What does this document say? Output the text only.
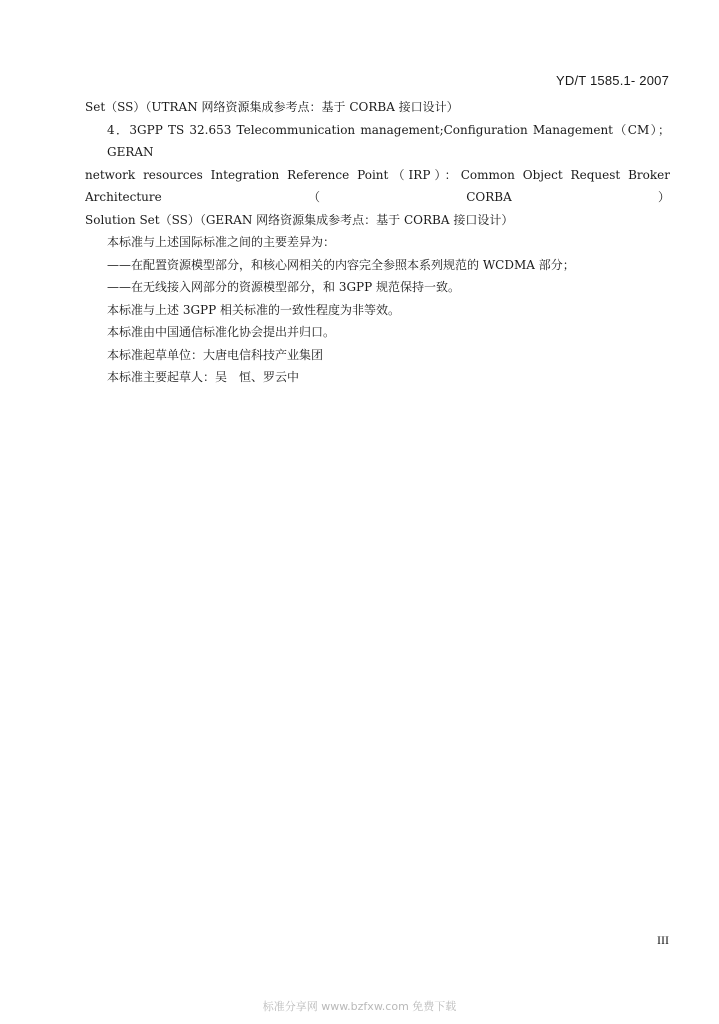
YD/T 1585.1- 2007
Set（SS）（UTRAN 网络资源集成参考点：基于 CORBA 接口设计）
4．3GPP TS 32.653 Telecommunication management;Configuration Management（CM）；GERAN
network resources Integration Reference Point（IRP）：Common Object Request Broker Architecture（CORBA）
Solution Set（SS）（GERAN 网络资源集成参考点：基于 CORBA 接口设计）
本标准与上述国际标准之间的主要差异为：
——在配置资源模型部分，和核心网相关的内容完全参照本系列规范的 WCDMA 部分；
——在无线接入网部分的资源模型部分，和 3GPP 规范保持一致。
本标准与上述 3GPP 相关标准的一致性程度为非等效。
本标准由中国通信标准化协会提出并归口。
本标准起草单位：大唐电信科技产业集团
本标准主要起草人：吴　恒、罗云中
III
标准分享网 www.bzfxw.com 免费下载
